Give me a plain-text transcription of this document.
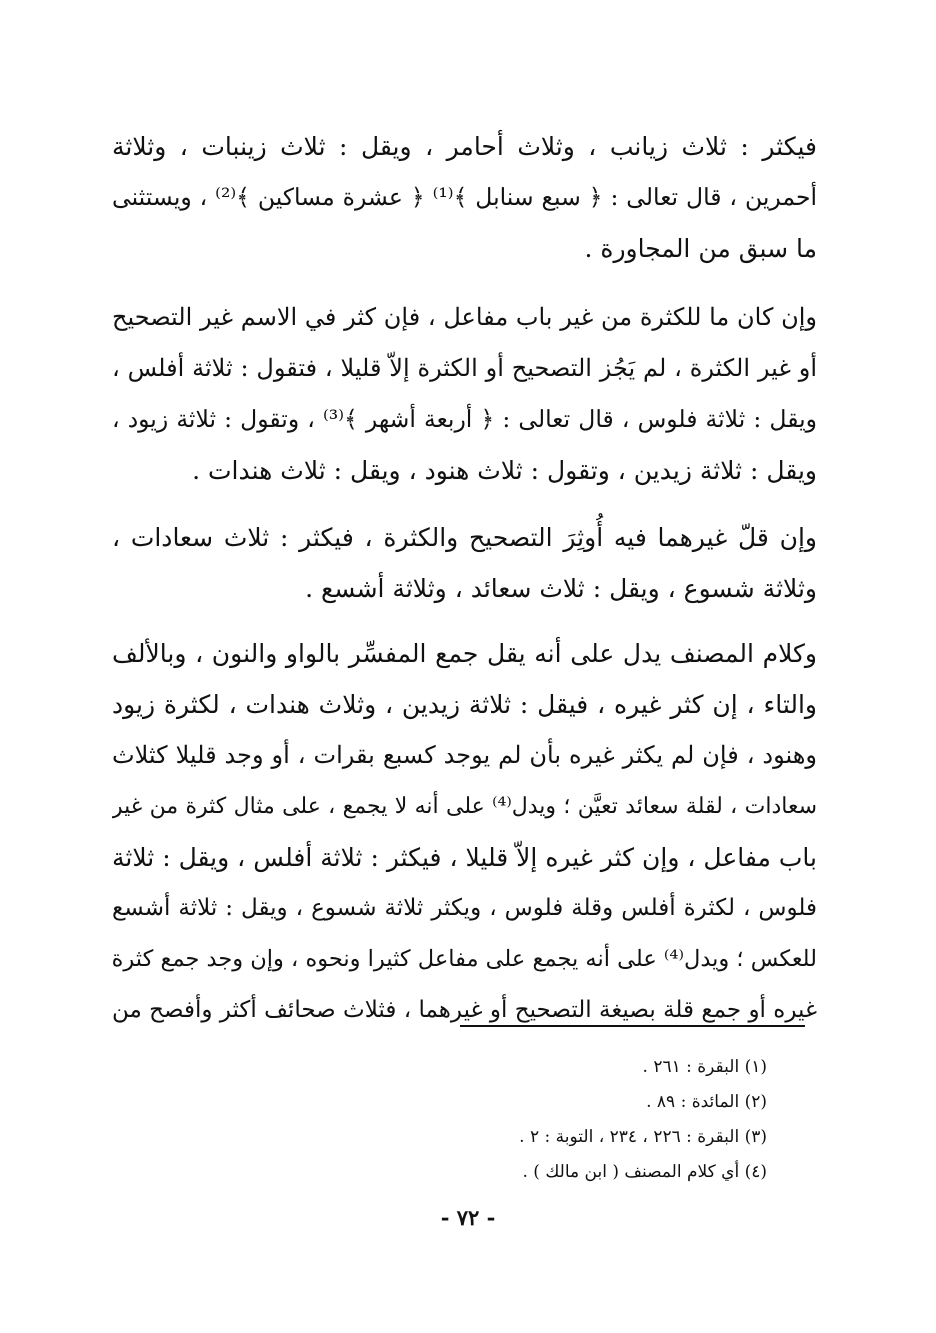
فيكثر : ثلاث زيانب ، وثلاث أحامر ، ويقل : ثلاث زينبات ، وثلاثة
أحمرين ، قال تعالى : ﴿ سبع سنابل ﴾⁽¹⁾ ﴿ عشرة مساكين ﴾⁽²⁾ ، ويستثنى
ما سبق من المجاورة .
وإن كان ما للكثرة من غير باب مفاعل ، فإن كثر في الاسم غير التصحيح
أو غير الكثرة ، لم يَجُز التصحيح أو الكثرة إلاّ قليلا ، فتقول : ثلاثة أفلس ،
ويقل : ثلاثة فلوس ، قال تعالى : ﴿ أربعة أشهر ﴾⁽³⁾ ، وتقول : ثلاثة زيود ،
ويقل : ثلاثة زيدين ، وتقول : ثلاث هنود ، ويقل : ثلاث هندات .
وإن قلّ غيرهما فيه أُوثِرَ التصحيح والكثرة ، فيكثر : ثلاث سعادات ،
وثلاثة شسوع ، ويقل : ثلاث سعائد ، وثلاثة أشسع .
وكلام المصنف يدل على أنه يقل جمع المفسِّر بالواو والنون ، وبالألف
والتاء ، إن كثر غيره ، فيقل : ثلاثة زيدين ، وثلاث هندات ، لكثرة زيود
وهنود ، فإن لم يكثر غيره بأن لم يوجد كسبع بقرات ، أو وجد قليلا كثلاث
سعادات ، لقلة سعائد تعيَّن ؛ ويدل⁽⁴⁾ على أنه لا يجمع ، على مثال كثرة من غير
باب مفاعل ، وإن كثر غيره إلاّ قليلا ، فيكثر : ثلاثة أفلس ، ويقل : ثلاثة
فلوس ، لكثرة أفلس وقلة فلوس ، ويكثر ثلاثة شسوع ، ويقل : ثلاثة أشسع
للعكس ؛ ويدل⁽⁴⁾ على أنه يجمع على مفاعل كثيرا ونحوه ، وإن وجد جمع كثرة
غيره أو جمع قلة بصيغة التصحيح أو غيرهما ، فثلاث صحائف أكثر وأفصح من
(١) البقرة : ٢٦١ .
(٢) المائدة : ٨٩ .
(٣) البقرة : ٢٢٦ ، ٢٣٤ ، التوبة : ٢ .
(٤) أي كلام المصنف ( ابن مالك ) .
- ٧٢ -
